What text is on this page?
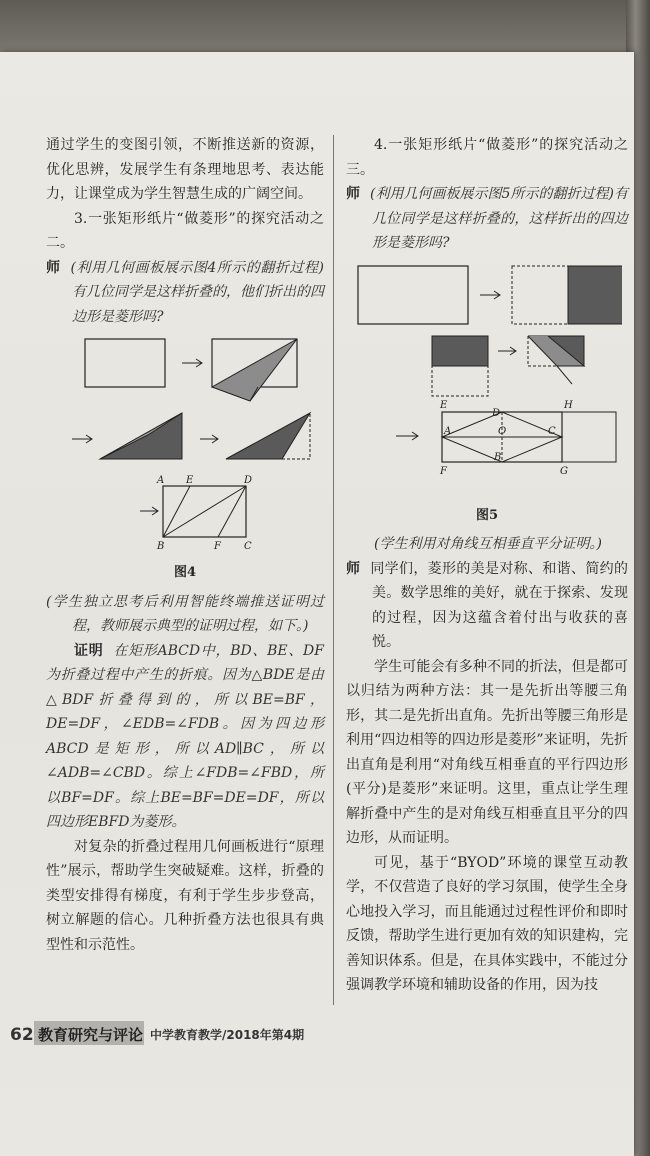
通过学生的变图引领，不断推送新的资源，优化思辨，发展学生有条理地思考、表达能力，让课堂成为学生智慧生成的广阔空间。

3.一张矩形纸片“做菱形”的探究活动之二。

师 (利用几何画板展示图4所示的翻折过程)有几位同学是这样折叠的，他们折出的四边形是菱形吗?

A E	D
B	F C
图4

(学生独立思考后利用智能终端推送证明过程，教师展示典型的证明过程，如下。)

证明 在矩形ABCD中，BD、BE、DF为折叠过程中产生的折痕。因为△BDE是由△BDF折叠得到的，所以BE=BF，DE=DF，∠EDB=∠FDB。因为四边形ABCD是矩形，所以AD∥BC，所以∠ADB=∠CBD。综上∠FDB=∠FBD，所以BF=DF。综上BE=BF=DE=DF，所以四边形EBFD为菱形。

对复杂的折叠过程用几何画板进行“原理性”展示，帮助学生突破疑难。这样，折叠的类型安排得有梯度，有利于学生步步登高，树立解题的信心。几种折叠方法也很具有典型性和示范性。

4.一张矩形纸片“做菱形”的探究活动之三。

师 (利用几何画板展示图5所示的翻折过程)有几位同学是这样折叠的，这样折出的四边形是菱形吗?

E
D
H
A	O	C
B
F	G
图5

(学生利用对角线互相垂直平分证明。)

师 同学们，菱形的美是对称、和谐、简约的美。数学思维的美好，就在于探索、发现的过程，因为这蕴含着付出与收获的喜悦。

学生可能会有多种不同的折法，但是都可以归结为两种方法：其一是先折出等腰三角形，其二是先折出直角。先折出等腰三角形是利用“四边相等的四边形是菱形”来证明，先折出直角是利用“对角线互相垂直的平行四边形(平分)是菱形”来证明。这里，重点让学生理解折叠中产生的是对角线互相垂直且平分的四边形，从而证明。

可见，基于“BYOD”环境的课堂互动教学，不仅营造了良好的学习氛围，使学生全身心地投入学习，而且能通过过程性评价和即时反馈，帮助学生进行更加有效的知识建构，完善知识体系。但是，在具体实践中，不能过分强调教学环境和辅助设备的作用，因为技

62 教育研究与评论 中学教育教学/2018年第4期
